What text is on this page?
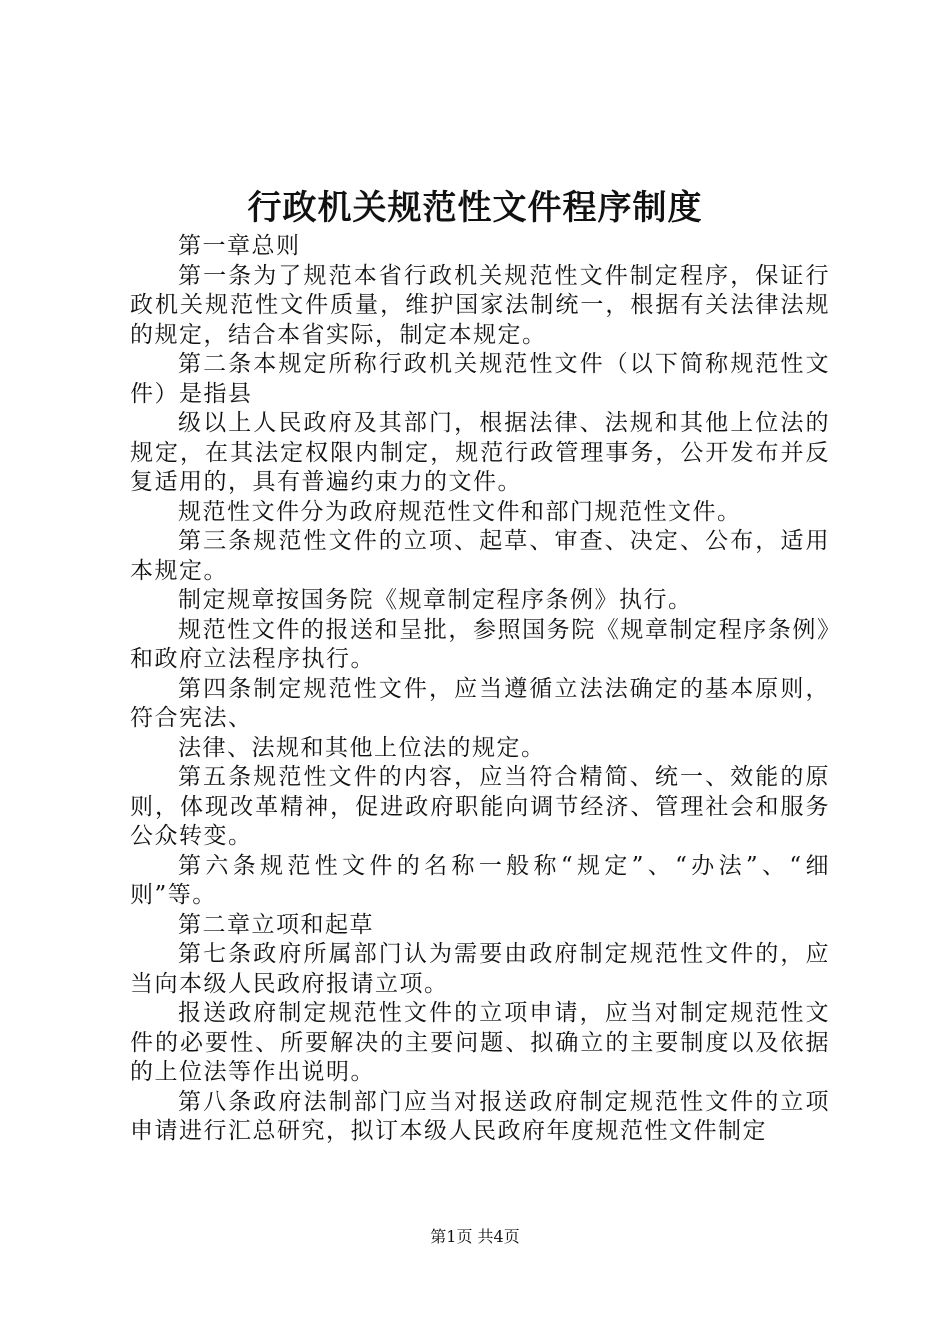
行政机关规范性文件程序制度

第一章总则

第一条为了规范本省行政机关规范性文件制定程序，保证行政机关规范性文件质量，维护国家法制统一，根据有关法律法规的规定，结合本省实际，制定本规定。

第二条本规定所称行政机关规范性文件（以下简称规范性文件）是指县

级以上人民政府及其部门，根据法律、法规和其他上位法的规定，在其法定权限内制定，规范行政管理事务，公开发布并反复适用的，具有普遍约束力的文件。

规范性文件分为政府规范性文件和部门规范性文件。

第三条规范性文件的立项、起草、审查、决定、公布，适用本规定。

制定规章按国务院《规章制定程序条例》执行。

规范性文件的报送和呈批，参照国务院《规章制定程序条例》和政府立法程序执行。

第四条制定规范性文件，应当遵循立法法确定的基本原则，符合宪法、

法律、法规和其他上位法的规定。

第五条规范性文件的内容，应当符合精简、统一、效能的原则，体现改革精神，促进政府职能向调节经济、管理社会和服务公众转变。

第六条规范性文件的名称一般称“规定”、“办法”、“细则”等。

第二章立项和起草

第七条政府所属部门认为需要由政府制定规范性文件的，应当向本级人民政府报请立项。

报送政府制定规范性文件的立项申请，应当对制定规范性文件的必要性、所要解决的主要问题、拟确立的主要制度以及依据的上位法等作出说明。

第八条政府法制部门应当对报送政府制定规范性文件的立项申请进行汇总研究，拟订本级人民政府年度规范性文件制定

第1页 共4页
